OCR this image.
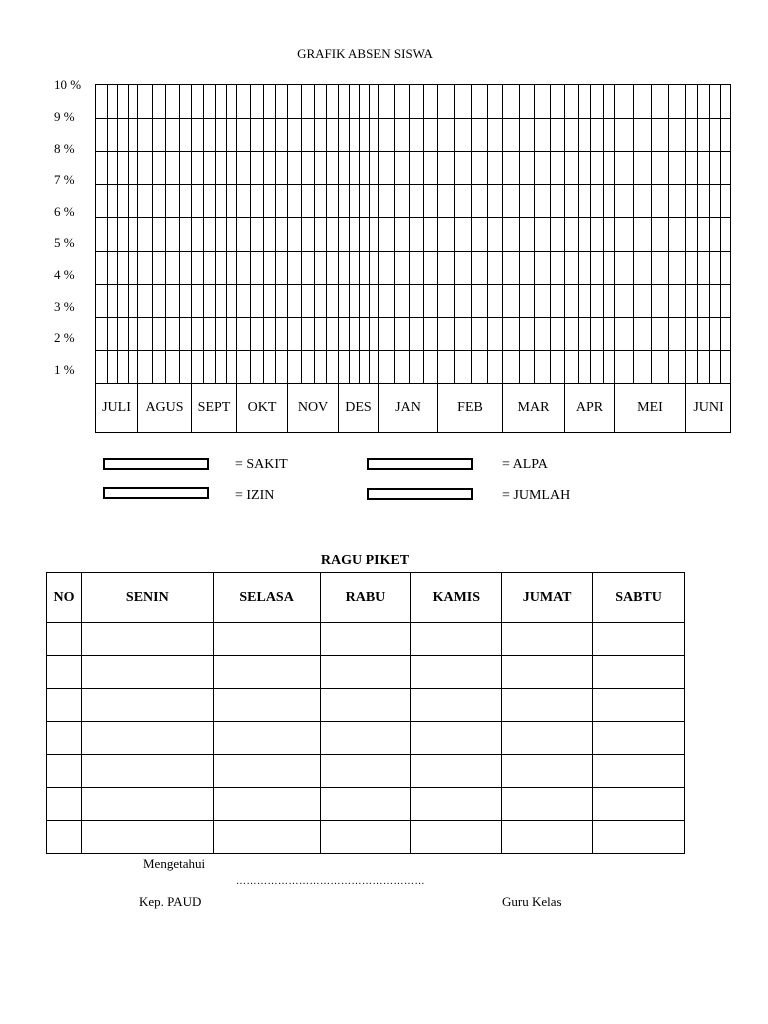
GRAFIK ABSEN SISWA
10 %
9 %
8 %
7 %
6 %
5 %
4 %
3 %
2 %
1 %
JULI	AGUS	SEPT	OKT	NOV	DES	JAN	FEB	MAR	APR	MEI	JUNI
= SAKIT
= IZIN
= ALPA
= JUMLAH
RAGU PIKET
NO	SENIN	SELASA	RABU	KAMIS	JUMAT	SABTU

Mengetahui
………………………………………………
Kep. PAUD	Guru Kelas
